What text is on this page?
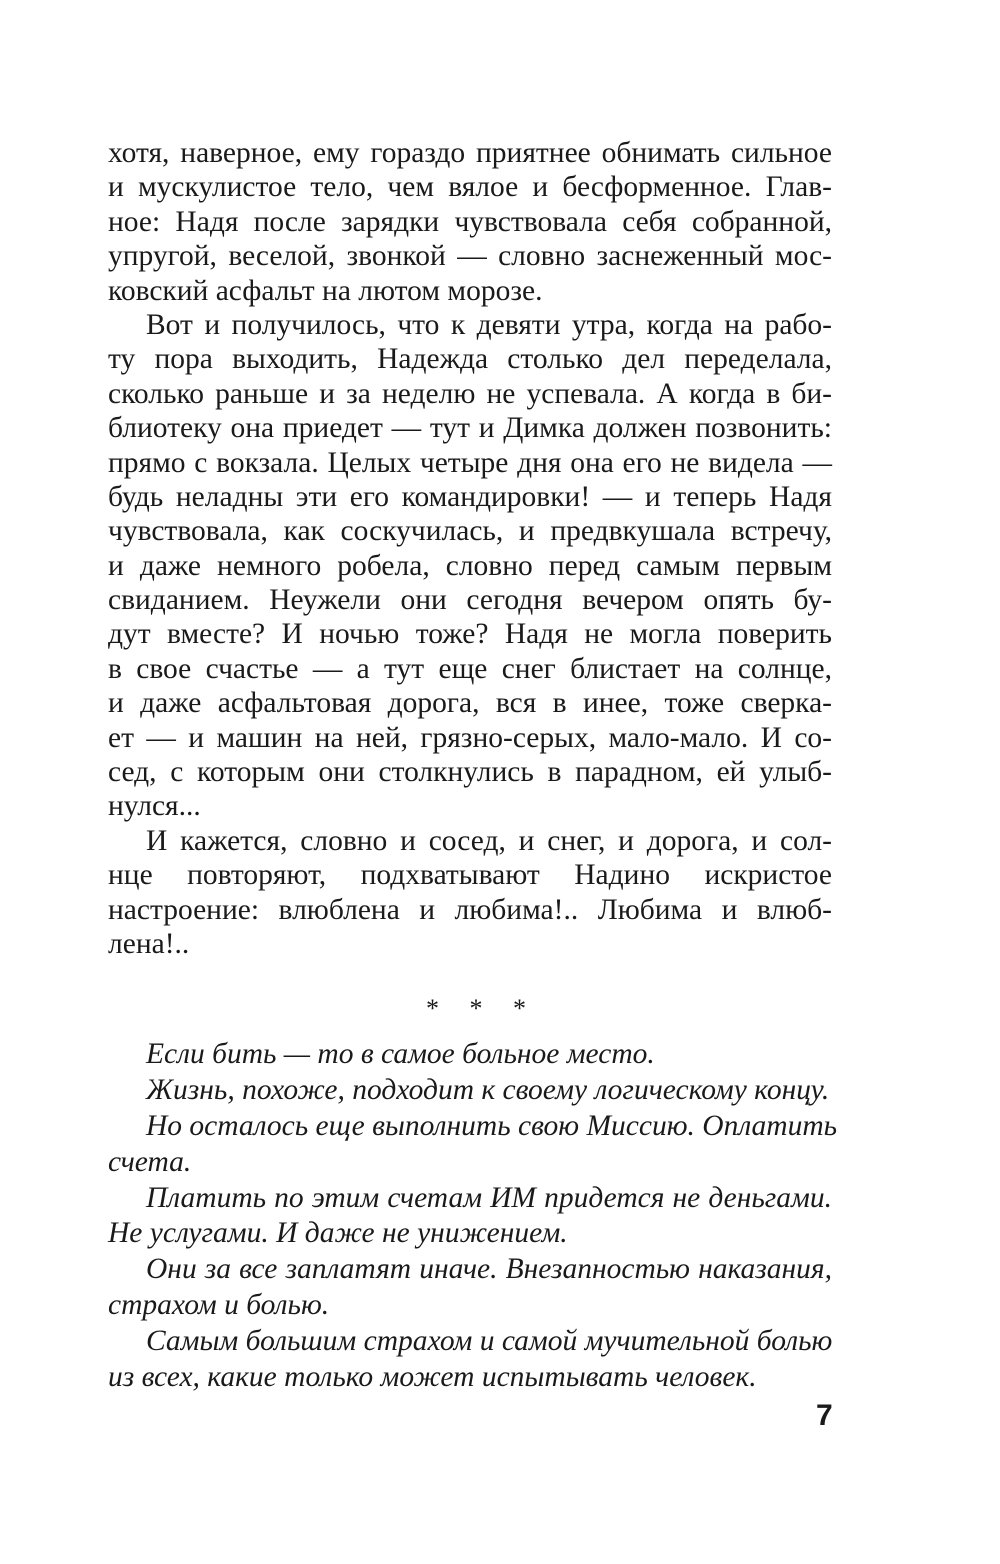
хотя, наверное, ему гораздо приятнее обнимать сильное
и мускулистое тело, чем вялое и бесформенное. Глав-
ное: Надя после зарядки чувствовала себя собранной,
упругой, веселой, звонкой — словно заснеженный мос-
ковский асфальт на лютом морозе.
Вот и получилось, что к девяти утра, когда на рабо-
ту пора выходить, Надежда столько дел переделала,
сколько раньше и за неделю не успевала. А когда в би-
блиотеку она приедет — тут и Димка должен позвонить:
прямо с вокзала. Целых четыре дня она его не видела —
будь неладны эти его командировки! — и теперь Надя
чувствовала, как соскучилась, и предвкушала встречу,
и даже немного робела, словно перед самым первым
свиданием. Неужели они сегодня вечером опять бу-
дут вместе? И ночью тоже? Надя не могла поверить
в свое счастье — а тут еще снег блистает на солнце,
и даже асфальтовая дорога, вся в инее, тоже сверка-
ет — и машин на ней, грязно-серых, мало-мало. И со-
сед, с которым они столкнулись в парадном, ей улыб-
нулся...
И кажется, словно и сосед, и снег, и дорога, и сол-
нце повторяют, подхватывают Надино искристое
настроение: влюблена и любима!.. Любима и влюб-
лена!..
* * *
Если бить — то в самое больное место.
Жизнь, похоже, подходит к своему логическому концу.
Но осталось еще выполнить свою Миссию. Оплатить
счета.
Платить по этим счетам ИМ придется не деньгами.
Не услугами. И даже не унижением.
Они за все заплатят иначе. Внезапностью наказания,
страхом и болью.
Самым большим страхом и самой мучительной болью
из всех, какие только может испытывать человек.
7
